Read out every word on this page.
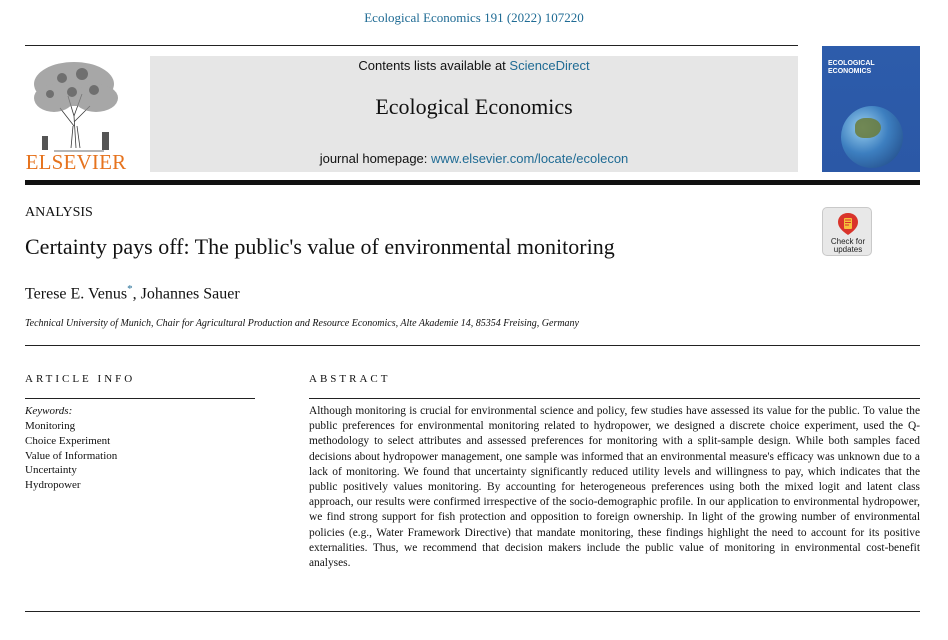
Ecological Economics 191 (2022) 107220
ELSEVIER
Contents lists available at ScienceDirect
Ecological Economics
journal homepage: www.elsevier.com/locate/ecolecon
ECOLOGICAL
ECONOMICS
ANALYSIS
Certainty pays off: The public's value of environmental monitoring
Terese E. Venus*, Johannes Sauer
Technical University of Munich, Chair for Agricultural Production and Resource Economics, Alte Akademie 14, 85354 Freising, Germany
Check for
updates
ARTICLE INFO
Keywords:
Monitoring
Choice Experiment
Value of Information
Uncertainty
Hydropower
ABSTRACT
Although monitoring is crucial for environmental science and policy, few studies have assessed its value for the public. To value the public preferences for environmental monitoring related to hydropower, we designed a discrete choice experiment, used the Q-methodology to select attributes and assessed preferences for monitoring with a split-sample design. While both samples faced decisions about hydropower management, one sample was informed that an environmental measure's efficacy was unknown due to a lack of monitoring. We found that uncertainty significantly reduced utility levels and willingness to pay, which indicates that the public positively values monitoring. By accounting for heterogeneous preferences using both the mixed logit and latent class approach, our results were confirmed irrespective of the socio-demographic profile. In our application to environmental hydropower, we find strong support for fish protection and opposition to foreign ownership. In light of the growing number of environmental policies (e.g., Water Framework Directive) that mandate monitoring, these findings highlight the need to account for its positive externalities. Thus, we recommend that decision makers include the public value of monitoring in environmental cost-benefit analyses.
